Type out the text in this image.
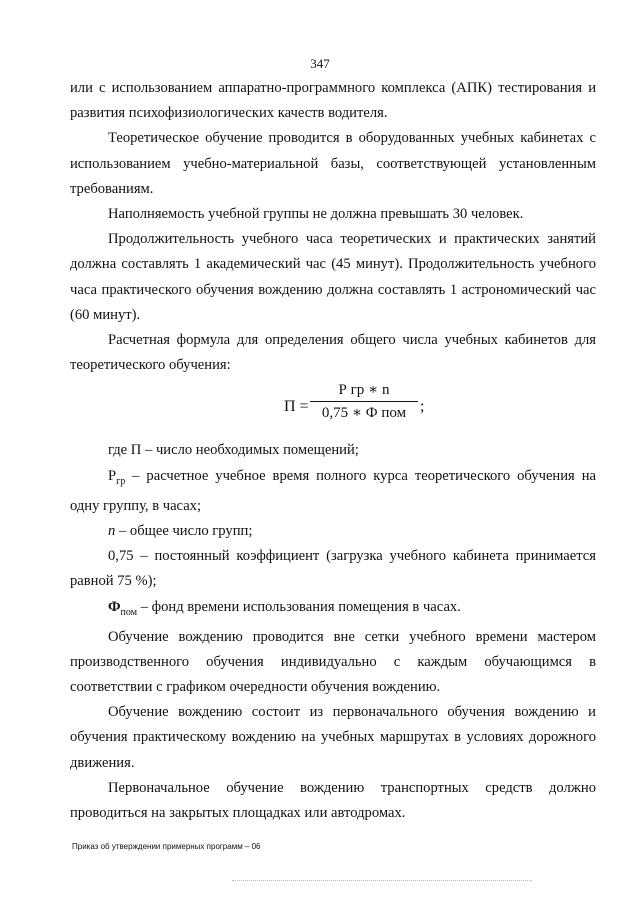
347

или с использованием аппаратно-программного комплекса (АПК) тестирования и развития психофизиологических качеств водителя.

Теоретическое обучение проводится в оборудованных учебных кабинетах с использованием учебно-материальной базы, соответствующей установленным требованиям.

Наполняемость учебной группы не должна превышать 30 человек.

Продолжительность учебного часа теоретических и практических занятий должна составлять 1 академический час (45 минут). Продолжительность учебного часа практического обучения вождению должна составлять 1 астрономический час (60 минут).

Расчетная формула для определения общего числа учебных кабинетов для теоретического обучения:

П =
Р гр ∗ n
0,75 ∗ Ф пом ;

где П – число необходимых помещений;

$Р_{гр}$ – расчетное учебное время полного курса теоретического обучения на одну группу, в часах;

n – общее число групп;

0,75 – постоянный коэффициент (загрузка учебного кабинета принимается равной 75 %);

$Ф_{пом}$ – фонд времени использования помещения в часах.

Обучение вождению проводится вне сетки учебного времени мастером производственного обучения индивидуально с каждым обучающимся в соответствии с графиком очередности обучения вождению.

Обучение вождению состоит из первоначального обучения вождению и обучения практическому вождению на учебных маршрутах в условиях дорожного движения.

Первоначальное обучение вождению транспортных средств должно проводиться на закрытых площадках или автодромах.

Приказ об утверждении примерных программ – 06
